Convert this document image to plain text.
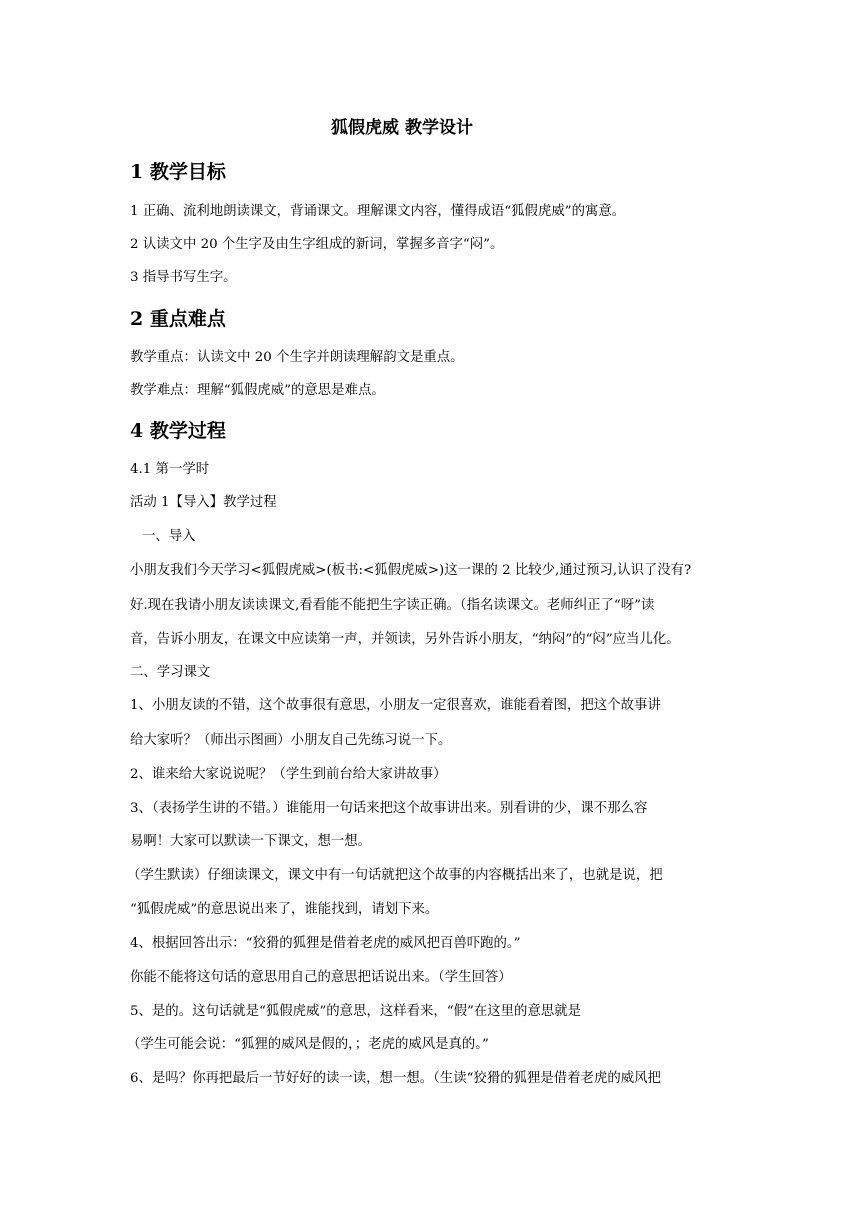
狐假虎威 教学设计
1 教学目标
1 正确、流利地朗读课文，背诵课文。理解课文内容，懂得成语“狐假虎威”的寓意。
2 认读文中 20 个生字及由生字组成的新词，掌握多音字“闷”。
3 指导书写生字。
2 重点难点
教学重点：认读文中 20 个生字并朗读理解韵文是重点。
教学难点：理解“狐假虎威”的意思是难点。
4 教学过程
4.1 第一学时
活动 1【导入】教学过程
一、导入
小朋友我们今天学习<狐假虎威>(板书:<狐假虎威>)这一课的 2 比较少,通过预习,认识了没有?
好.现在我请小朋友读读课文,看看能不能把生字读正确。（指名读课文。老师纠正了“呀”读
音，告诉小朋友，在课文中应读第一声，并领读，另外告诉小朋友，“纳闷”的“闷”应当儿化。
二、学习课文
1、小朋友读的不错，这个故事很有意思，小朋友一定很喜欢，谁能看着图，把这个故事讲
给大家听？（师出示图画）小朋友自己先练习说一下。
2、谁来给大家说说呢？（学生到前台给大家讲故事）
3、（表扬学生讲的不错。）谁能用一句话来把这个故事讲出来。别看讲的少，课不那么容
易啊！大家可以默读一下课文，想一想。
（学生默读）仔细读课文，课文中有一句话就把这个故事的内容概括出来了，也就是说，把
“狐假虎威”的意思说出来了，谁能找到，请划下来。
4、根据回答出示：“狡猾的狐狸是借着老虎的威风把百兽吓跑的。”
你能不能将这句话的意思用自己的意思把话说出来。（学生回答）
5、是的。这句话就是“狐假虎威”的意思，这样看来，“假”在这里的意思就是
（学生可能会说：“狐狸的威风是假的，；老虎的威风是真的。”
6、是吗？你再把最后一节好好的读一读，想一想。（生读“狡猾的狐狸是借着老虎的威风把
